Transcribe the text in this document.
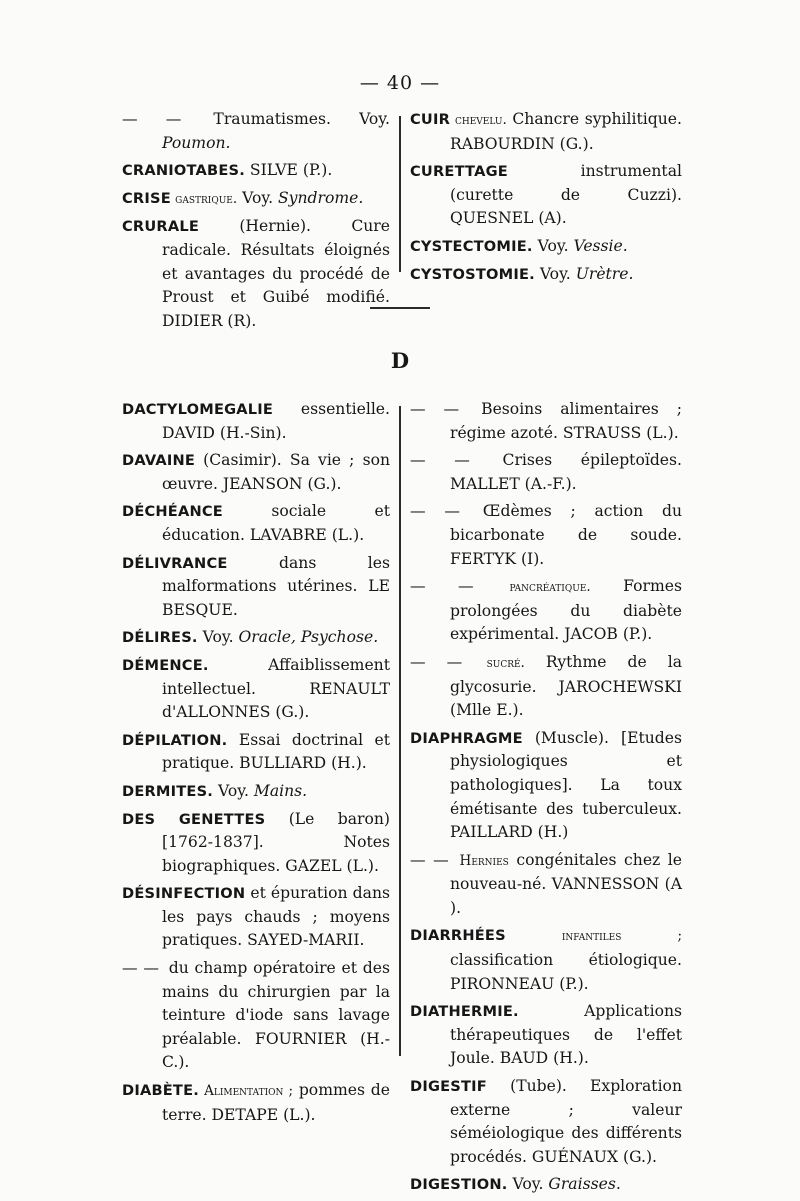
— 40 —
— — Traumatismes. Voy. Poumon.
CRANIOTABES. SILVE (P.).
CRISE gastrique. Voy. Syndrome.
CRURALE (Hernie). Cure radicale. Résultats éloignés et avantages du procédé de Proust et Guibé modifié. DIDIER (R).
CUIR chevelu. Chancre syphilitique. RABOURDIN (G.).
CURETTAGE instrumental (curette de Cuzzi). QUESNEL (A).
CYSTECTOMIE. Voy. Vessie.
CYSTOSTOMIE. Voy. Urètre.
D
DACTYLOMEGALIE essentielle. DAVID (H.-Sin).
DAVAINE (Casimir). Sa vie ; son œuvre. JEANSON (G.).
DÉCHÉANCE sociale et éducation. LAVABRE (L.).
DÉLIVRANCE dans les malformations utérines. LE BESQUE.
DÉLIRES. Voy. Oracle, Psychose.
DÉMENCE. Affaiblissement intellectuel. RENAULT d'ALLONNES (G.).
DÉPILATION. Essai doctrinal et pratique. BULLIARD (H.).
DERMITES. Voy. Mains.
DES GENETTES (Le baron) [1762-1837]. Notes biographiques. GAZEL (L.).
DÉSINFECTION et épuration dans les pays chauds ; moyens pratiques. SAYED-MARII.
— — du champ opératoire et des mains du chirurgien par la teinture d'iode sans lavage préalable. FOURNIER (H.-C.).
DIABÈTE. Alimentation ; pommes de terre. DETAPE (L.).
— — Besoins alimentaires ; régime azoté. STRAUSS (L.).
— — Crises épileptoïdes. MALLET (A.-F.).
— — Œdèmes ; action du bicarbonate de soude. FERTYK (I).
— — pancréatique. Formes prolongées du diabète expérimental. JACOB (P.).
— — sucré. Rythme de la glycosurie. JAROCHEWSKI (Mlle E.).
DIAPHRAGME (Muscle). [Etudes physiologiques et pathologiques]. La toux émétisante des tuberculeux. PAILLARD (H.)
— — Hernies congénitales chez le nouveau-né. VANNESSON (A ).
DIARRHÉES infantiles ; classification étiologique. PIRONNEAU (P.).
DIATHERMIE. Applications thérapeutiques de l'effet Joule. BAUD (H.).
DIGESTIF (Tube). Exploration externe ; valeur séméiologique des différents procédés. GUÉNAUX (G.).
DIGESTION. Voy. Graisses.
